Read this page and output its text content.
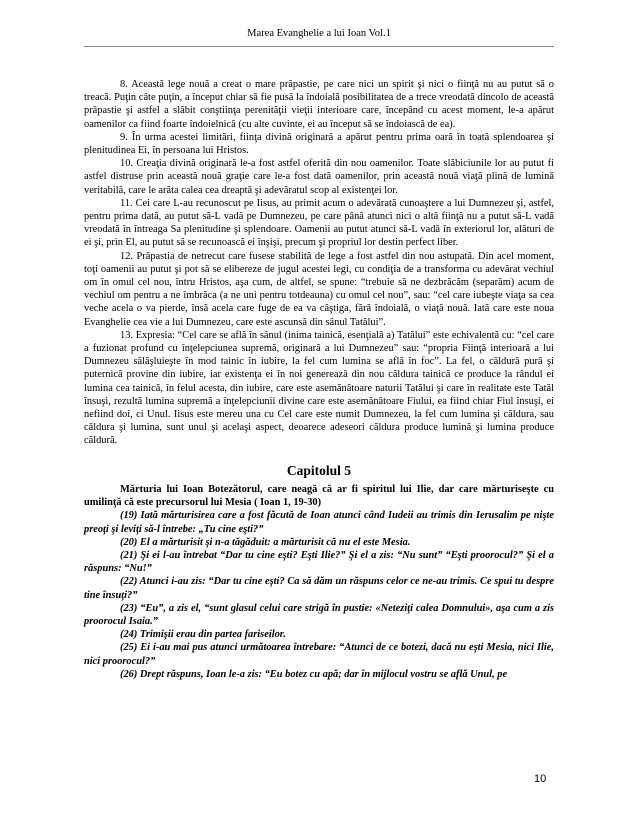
Marea Evanghelie a lui Ioan Vol.1

8. Această lege nouă a creat o mare prăpastie, pe care nici un spirit şi nici o fiinţă nu au putut să o treacă. Puţin câte puţin, a început chiar să fie pusă la îndoială posibilitatea de a trece vreodată dincolo de această prăpastie şi astfel a slăbit conştiinţa perenităţii vieţii interioare care, începând cu acest moment, le-a apărut oamenilor ca fiind foarte îndoielnică (cu alte cuvinte, ei au început să se îndoiască de ea).

9. În urma acestei limitări, fiinţa divină originară a apărut pentru prima oară în toată splendoarea şi plenitudinea Ei, în persoana lui Hristos.

10. Creaţia divină originară le-a fost astfel oferită din nou oamenilor. Toate slăbiciunile lor au putut fi astfel distruse prin această nouă graţie care le-a fost dată oamenilor, prin această nouă viaţă plină de lumină veritabilă, care le arăta calea cea dreaptă şi adevăratul scop al existenţei lor.

11. Cei care L-au recunoscut pe Iisus, au primit acum o adevărată cunoaştere a lui Dumnezeu şi, astfel, pentru prima dată, au putut să-L vadă pe Dumnezeu, pe care până atunci nici o altă fiinţă nu a putut să-L vadă vreodată în întreaga Sa plenitudine şi splendoare. Oamenii au putut atunci să-L vadă în exteriorul lor, alături de ei şi, prin El, au putut să se recunoască ei înşişi, precum şi propriul lor destin perfect liber.

12. Prăpastia de netrecut care fusese stabilită de lege a fost astfel din nou astupată. Din acel moment, toţi oamenii au putut şi pot să se elibereze de jugul acestei legi, cu condiţia de a transforma cu adevărat vechiul om în omul cel nou, întru Hristos, aşa cum, de altfel, se spune: “trebuie să ne dezbrăcăm (separăm) acum de vechiul om pentru a ne îmbrăca (a ne uni pentru totdeauna) cu omul cel nou”, sau: “cel care iubeşte viaţa sa cea veche acela o va pierde, însă acela care fuge de ea va câştiga, fără îndoială, o viaţă nouă. Iată care este noua Evanghelie cea vie a lui Dumnezeu, care este ascunsă din sânul Tatălui”.

13. Expresia: “Cel care se află în sânul (inima tainică, esenţială a) Tatălui” este echivalentă cu: “cel care a fuzionat profund cu înţelepciunea supremă, originară a lui Dumnezeu” sau: “propria Fiinţă interioară a lui Dumnezeu sălăşluieşte în mod tainic în iubire, la fel cum lumina se află în foc”. La fel, o căldură pură şi puternică provine din iubire, iar existenţa ei în noi generează din nou căldura tainică ce produce la rândul ei lumina cea tainică, în felul acesta, din iubire, care este asemănătoare naturii Tatălui şi care în realitate este Tatăl însuşi, rezultă lumina supremă a înţelepciunii divine care este asemănătoare Fiului, ea fiind chiar Fiul însuşi, ei nefiind doi, ci Unul. Iisus este mereu una cu Cel care este numit Dumnezeu, la fel cum lumina şi căldura, sau căldura şi lumina, sunt unul şi acelaşi aspect, deoarece adeseori căldura produce lumină şi lumina produce căldură.

Capitolul 5

Mărturia lui Ioan Botezătorul, care neagă că ar fi spiritul lui Ilie, dar care mărturiseşte cu umilinţă că este precursorul lui Mesia ( Ioan 1, 19-30)

(19) Iată mărturisirea care a fost făcută de Ioan atunci când Iudeii au trimis din Ierusalim pe nişte preoţi şi leviţi să-l întrebe: „Tu cine eşti?”

(20) El a mărturisit şi n-a tăgăduit: a mărturisit că nu el este Mesia.

(21) Şi ei l-au întrebat “Dar tu cine eşti? Eşti Ilie?” Şi el a zis: “Nu sunt” “Eşti proorocul?” Şi el a răspuns: “Nu!”

(22) Atunci i-au zis: “Dar tu cine eşti? Ca să dăm un răspuns celor ce ne-au trimis. Ce spui tu despre tine însuţi?”

(23) “Eu”, a zis el, “sunt glasul celui care strigă în pustie: «Neteziţi calea Domnului», aşa cum a zis proorocul Isaia.”

(24) Trimişii erau din partea fariseilor.

(25) Ei i-au mai pus atunci următoarea întrebare: “Atunci de ce botezi, dacă nu eşti Mesia, nici Ilie, nici proorocul?”

(26) Drept răspuns, Ioan le-a zis: “Eu botez cu apă; dar în mijlocul vostru se află Unul, pe

10
